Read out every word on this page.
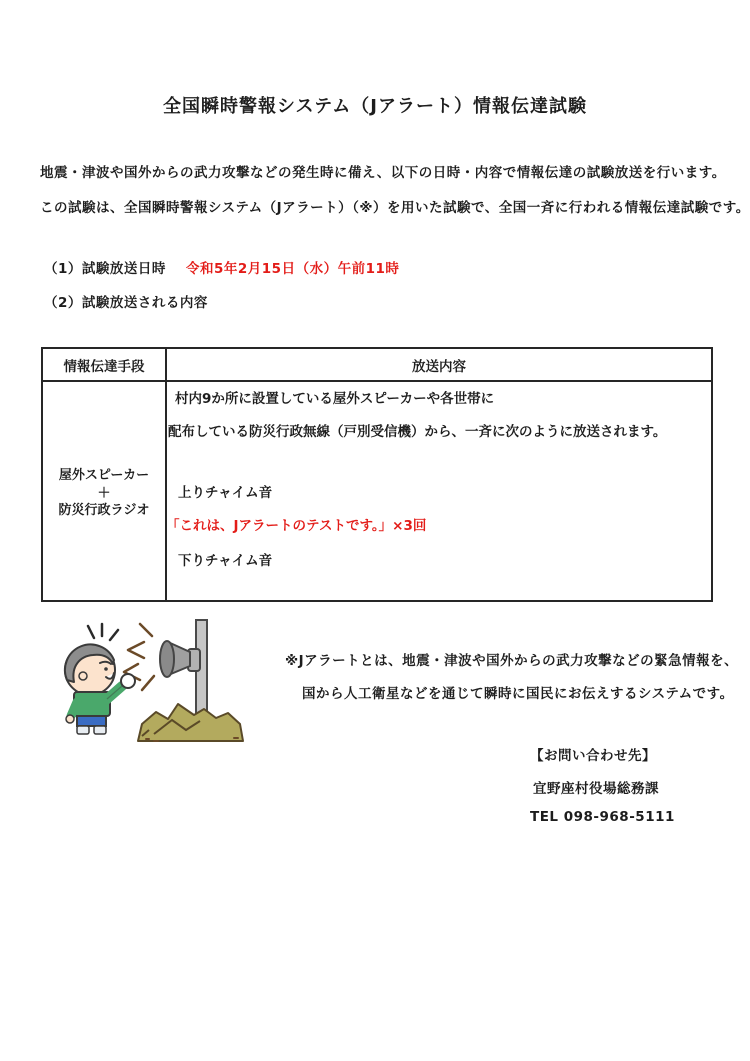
全国瞬時警報システム（Jアラート）情報伝達試験
地震・津波や国外からの武力攻撃などの発生時に備え、以下の日時・内容で情報伝達の試験放送を行います。
この試験は、全国瞬時警報システム（Jアラート）（※）を用いた試験で、全国一斉に行われる情報伝達試験です。
（1）試験放送日時 令和5年2月15日（水）午前11時
（2）試験放送される内容
情報伝達手段	放送内容
屋外スピーカー
＋
防災行政ラジオ
村内9か所に設置している屋外スピーカーや各世帯に
配布している防災行政無線（戸別受信機）から、一斉に次のように放送されます。
上りチャイム音
「これは、Jアラートのテストです。」×3回
下りチャイム音
※Jアラートとは、地震・津波や国外からの武力攻撃などの緊急情報を、
国から人工衛星などを通じて瞬時に国民にお伝えするシステムです。
【お問い合わせ先】
宜野座村役場総務課
TEL 098-968-5111
